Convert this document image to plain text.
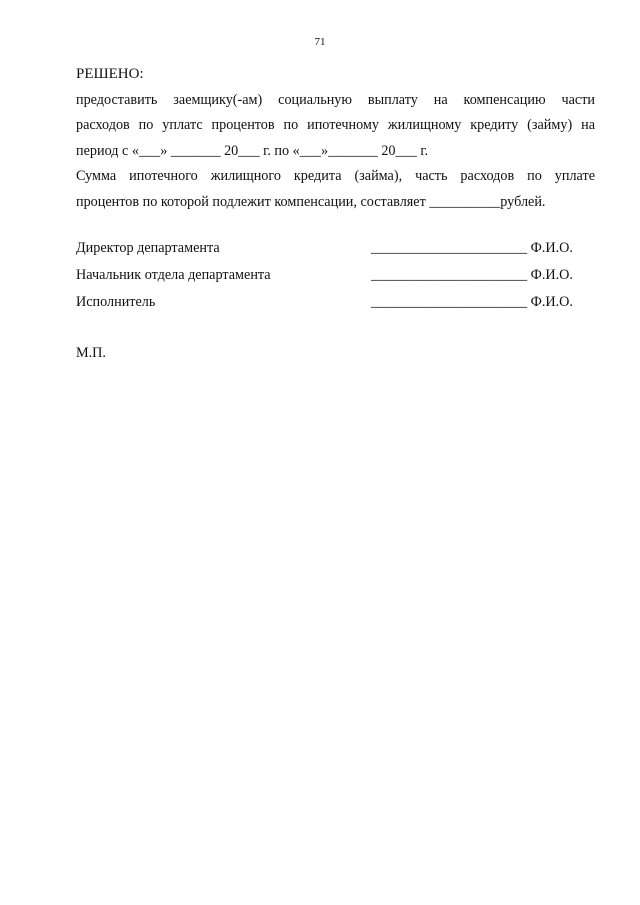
71

РЕШЕНО:

предоставить заемщику(-ам) социальную выплату на компенсацию части
расходов по уплатс процентов по ипотечному жилищному кредиту (займу) на
период с «___» _______ 20___ г. по «___»_______ 20___ г.

Сумма ипотечного жилищного кредита (займа), часть расходов по уплате
процентов по которой подлежит компенсации, составляет __________рублей.

Директор департамента	______________________ Ф.И.О.
Начальник отдела департамента	______________________ Ф.И.О.
Исполнитель	______________________ Ф.И.О.
М.П.
